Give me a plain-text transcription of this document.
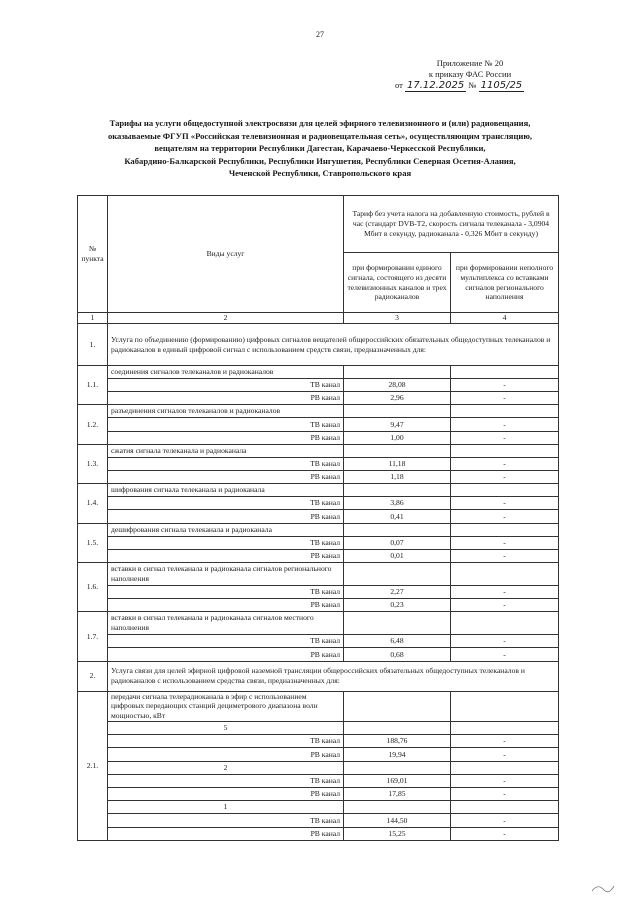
27
Приложение № 20
к приказу ФАС России
от 17.12.2025 № 1105/25
Тарифы на услуги общедоступной электросвязи для целей эфирного телевизионного и (или) радиовещания,
оказываемые ФГУП «Российская телевизионная и радиовещательная сеть», осуществляющим трансляцию,
вещателям на территории Республики Дагестан, Карачаево-Черкесской Республики,
Кабардино-Балкарской Республики, Республики Ингушетия, Республики Северная Осетия-Алания,
Чеченской Республики, Ставропольского края
№ пункта	Виды услуг	Тариф без учета налога на добавленную стоимость, рублей в час (стандарт DVB-T2, скорость сигнала телеканала - 3,0904 Мбит в секунду, радиоканала - 0,326 Мбит в секунду)	
		при формировании единого сигнала, состоящего из десяти телевизионных каналов и трех радиоканалов	при формировании неполного мультиплекса со вставками сигналов регионального наполнения
1	2	3	4
1.	Услуга по объединению (формированию) цифровых сигналов вещателей общероссийских обязательных общедоступных телеканалов и радиоканалов в единый цифровой сигнал с использованием средств связи, предназначенных для:		
1.1.	соединения сигналов телеканалов и радиоканалов		
	ТВ канал	28,08	-
	РВ канал	2,96	-
1.2.	разъединения сигналов телеканалов и радиоканалов		
	ТВ канал	9,47	-
	РВ канал	1,00	-
1.3.	сжатия сигнала телеканала и радиоканала		
	ТВ канал	11,18	-
	РВ канал	1,18	-
1.4.	шифрования сигнала телеканала и радиоканала		
	ТВ канал	3,86	-
	РВ канал	0,41	-
1.5.	дешифрования сигнала телеканала и радиоканала		
	ТВ канал	0,07	-
	РВ канал	0,01	-
1.6.	вставки в сигнал телеканала и радиоканала сигналов регионального наполнения		
	ТВ канал	2,27	-
	РВ канал	0,23	-
1.7.	вставки в сигнал телеканала и радиоканала сигналов местного наполнения		
	ТВ канал	6,48	-
	РВ канал	0,68	-
2.	Услуга связи для целей эфирной цифровой наземной трансляции общероссийских обязательных общедоступных телеканалов и радиоканалов с использованием средства связи, предназначенных для:		
2.1.	передачи сигнала телерадиоканала в эфир с использованием цифровых передающих станций дециметрового диапазона волн мощностью, кВт		
	5		
	ТВ канал	188,76	-
	РВ канал	19,94	-
	2		
	ТВ канал	169,01	-
	РВ канал	17,85	-
	1		
	ТВ канал	144,50	-
	РВ канал	15,25	-
